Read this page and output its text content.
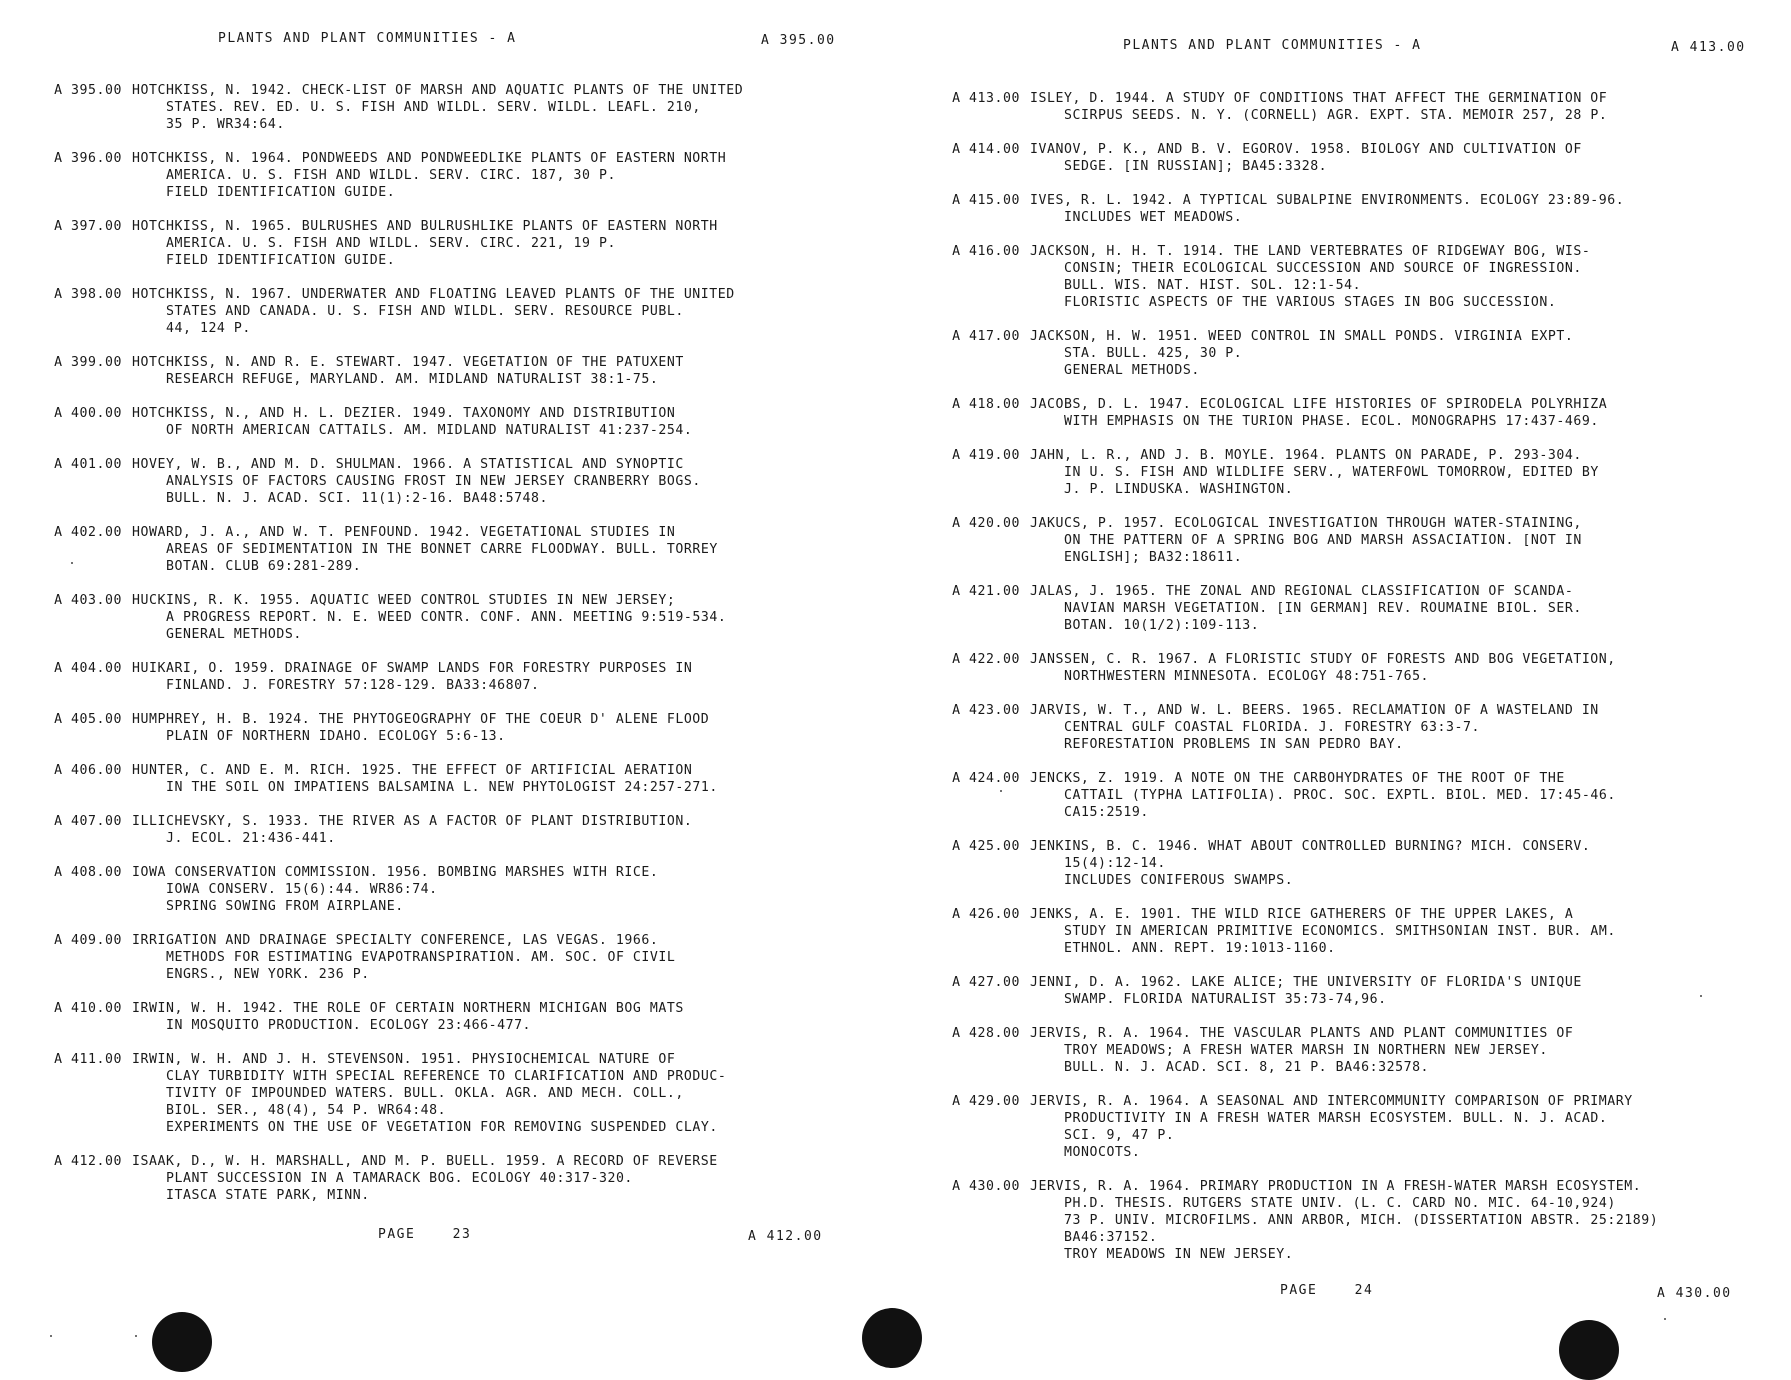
PLANTS AND PLANT COMMUNITIES - A	A 395.00
A 395.00 HOTCHKISS, N. 1942. CHECK-LIST OF MARSH AND AQUATIC PLANTS OF THE UNITED
STATES. REV. ED. U. S. FISH AND WILDL. SERV. WILDL. LEAFL. 210,
35 P. WR34:64.
A 396.00 HOTCHKISS, N. 1964. PONDWEEDS AND PONDWEEDLIKE PLANTS OF EASTERN NORTH
AMERICA. U. S. FISH AND WILDL. SERV. CIRC. 187, 30 P.
FIELD IDENTIFICATION GUIDE.
A 397.00 HOTCHKISS, N. 1965. BULRUSHES AND BULRUSHLIKE PLANTS OF EASTERN NORTH
AMERICA. U. S. FISH AND WILDL. SERV. CIRC. 221, 19 P.
FIELD IDENTIFICATION GUIDE.
A 398.00 HOTCHKISS, N. 1967. UNDERWATER AND FLOATING LEAVED PLANTS OF THE UNITED
STATES AND CANADA. U. S. FISH AND WILDL. SERV. RESOURCE PUBL.
44, 124 P.
A 399.00 HOTCHKISS, N. AND R. E. STEWART. 1947. VEGETATION OF THE PATUXENT
RESEARCH REFUGE, MARYLAND. AM. MIDLAND NATURALIST 38:1-75.
A 400.00 HOTCHKISS, N., AND H. L. DEZIER. 1949. TAXONOMY AND DISTRIBUTION
OF NORTH AMERICAN CATTAILS. AM. MIDLAND NATURALIST 41:237-254.
A 401.00 HOVEY, W. B., AND M. D. SHULMAN. 1966. A STATISTICAL AND SYNOPTIC
ANALYSIS OF FACTORS CAUSING FROST IN NEW JERSEY CRANBERRY BOGS.
BULL. N. J. ACAD. SCI. 11(1):2-16. BA48:5748.
A 402.00 HOWARD, J. A., AND W. T. PENFOUND. 1942. VEGETATIONAL STUDIES IN
AREAS OF SEDIMENTATION IN THE BONNET CARRE FLOODWAY. BULL. TORREY
BOTAN. CLUB 69:281-289.
A 403.00 HUCKINS, R. K. 1955. AQUATIC WEED CONTROL STUDIES IN NEW JERSEY;
A PROGRESS REPORT. N. E. WEED CONTR. CONF. ANN. MEETING 9:519-534.
GENERAL METHODS.
A 404.00 HUIKARI, O. 1959. DRAINAGE OF SWAMP LANDS FOR FORESTRY PURPOSES IN
FINLAND. J. FORESTRY 57:128-129. BA33:46807.
A 405.00 HUMPHREY, H. B. 1924. THE PHYTOGEOGRAPHY OF THE COEUR D' ALENE FLOOD
PLAIN OF NORTHERN IDAHO. ECOLOGY 5:6-13.
A 406.00 HUNTER, C. AND E. M. RICH. 1925. THE EFFECT OF ARTIFICIAL AERATION
IN THE SOIL ON IMPATIENS BALSAMINA L. NEW PHYTOLOGIST 24:257-271.
A 407.00 ILLICHEVSKY, S. 1933. THE RIVER AS A FACTOR OF PLANT DISTRIBUTION.
J. ECOL. 21:436-441.
A 408.00 IOWA CONSERVATION COMMISSION. 1956. BOMBING MARSHES WITH RICE.
IOWA CONSERV. 15(6):44. WR86:74.
SPRING SOWING FROM AIRPLANE.
A 409.00 IRRIGATION AND DRAINAGE SPECIALTY CONFERENCE, LAS VEGAS. 1966.
METHODS FOR ESTIMATING EVAPOTRANSPIRATION. AM. SOC. OF CIVIL
ENGRS., NEW YORK. 236 P.
A 410.00 IRWIN, W. H. 1942. THE ROLE OF CERTAIN NORTHERN MICHIGAN BOG MATS
IN MOSQUITO PRODUCTION. ECOLOGY 23:466-477.
A 411.00 IRWIN, W. H. AND J. H. STEVENSON. 1951. PHYSIOCHEMICAL NATURE OF
CLAY TURBIDITY WITH SPECIAL REFERENCE TO CLARIFICATION AND PRODUC-
TIVITY OF IMPOUNDED WATERS. BULL. OKLA. AGR. AND MECH. COLL.,
BIOL. SER., 48(4), 54 P. WR64:48.
EXPERIMENTS ON THE USE OF VEGETATION FOR REMOVING SUSPENDED CLAY.
A 412.00 ISAAK, D., W. H. MARSHALL, AND M. P. BUELL. 1959. A RECORD OF REVERSE
PLANT SUCCESSION IN A TAMARACK BOG. ECOLOGY 40:317-320.
ITASCA STATE PARK, MINN.
PAGE    23	A 412.00
PLANTS AND PLANT COMMUNITIES - A	A 413.00
A 413.00 ISLEY, D. 1944. A STUDY OF CONDITIONS THAT AFFECT THE GERMINATION OF
SCIRPUS SEEDS. N. Y. (CORNELL) AGR. EXPT. STA. MEMOIR 257, 28 P.
A 414.00 IVANOV, P. K., AND B. V. EGOROV. 1958. BIOLOGY AND CULTIVATION OF
SEDGE. [IN RUSSIAN]; BA45:3328.
A 415.00 IVES, R. L. 1942. A TYPTICAL SUBALPINE ENVIRONMENTS. ECOLOGY 23:89-96.
INCLUDES WET MEADOWS.
A 416.00 JACKSON, H. H. T. 1914. THE LAND VERTEBRATES OF RIDGEWAY BOG, WIS-
CONSIN; THEIR ECOLOGICAL SUCCESSION AND SOURCE OF INGRESSION.
BULL. WIS. NAT. HIST. SOL. 12:1-54.
FLORISTIC ASPECTS OF THE VARIOUS STAGES IN BOG SUCCESSION.
A 417.00 JACKSON, H. W. 1951. WEED CONTROL IN SMALL PONDS. VIRGINIA EXPT.
STA. BULL. 425, 30 P.
GENERAL METHODS.
A 418.00 JACOBS, D. L. 1947. ECOLOGICAL LIFE HISTORIES OF SPIRODELA POLYRHIZA
WITH EMPHASIS ON THE TURION PHASE. ECOL. MONOGRAPHS 17:437-469.
A 419.00 JAHN, L. R., AND J. B. MOYLE. 1964. PLANTS ON PARADE, P. 293-304.
IN U. S. FISH AND WILDLIFE SERV., WATERFOWL TOMORROW, EDITED BY
J. P. LINDUSKA. WASHINGTON.
A 420.00 JAKUCS, P. 1957. ECOLOGICAL INVESTIGATION THROUGH WATER-STAINING,
ON THE PATTERN OF A SPRING BOG AND MARSH ASSACIATION. [NOT IN
ENGLISH]; BA32:18611.
A 421.00 JALAS, J. 1965. THE ZONAL AND REGIONAL CLASSIFICATION OF SCANDA-
NAVIAN MARSH VEGETATION. [IN GERMAN] REV. ROUMAINE BIOL. SER.
BOTAN. 10(1/2):109-113.
A 422.00 JANSSEN, C. R. 1967. A FLORISTIC STUDY OF FORESTS AND BOG VEGETATION,
NORTHWESTERN MINNESOTA. ECOLOGY 48:751-765.
A 423.00 JARVIS, W. T., AND W. L. BEERS. 1965. RECLAMATION OF A WASTELAND IN
CENTRAL GULF COASTAL FLORIDA. J. FORESTRY 63:3-7.
REFORESTATION PROBLEMS IN SAN PEDRO BAY.
A 424.00 JENCKS, Z. 1919. A NOTE ON THE CARBOHYDRATES OF THE ROOT OF THE
CATTAIL (TYPHA LATIFOLIA). PROC. SOC. EXPTL. BIOL. MED. 17:45-46.
CA15:2519.
A 425.00 JENKINS, B. C. 1946. WHAT ABOUT CONTROLLED BURNING? MICH. CONSERV.
15(4):12-14.
INCLUDES CONIFEROUS SWAMPS.
A 426.00 JENKS, A. E. 1901. THE WILD RICE GATHERERS OF THE UPPER LAKES, A
STUDY IN AMERICAN PRIMITIVE ECONOMICS. SMITHSONIAN INST. BUR. AM.
ETHNOL. ANN. REPT. 19:1013-1160.
A 427.00 JENNI, D. A. 1962. LAKE ALICE; THE UNIVERSITY OF FLORIDA'S UNIQUE
SWAMP. FLORIDA NATURALIST 35:73-74,96.
A 428.00 JERVIS, R. A. 1964. THE VASCULAR PLANTS AND PLANT COMMUNITIES OF
TROY MEADOWS; A FRESH WATER MARSH IN NORTHERN NEW JERSEY.
BULL. N. J. ACAD. SCI. 8, 21 P. BA46:32578.
A 429.00 JERVIS, R. A. 1964. A SEASONAL AND INTERCOMMUNITY COMPARISON OF PRIMARY
PRODUCTIVITY IN A FRESH WATER MARSH ECOSYSTEM. BULL. N. J. ACAD.
SCI. 9, 47 P.
MONOCOTS.
A 430.00 JERVIS, R. A. 1964. PRIMARY PRODUCTION IN A FRESH-WATER MARSH ECOSYSTEM.
PH.D. THESIS. RUTGERS STATE UNIV. (L. C. CARD NO. MIC. 64-10,924)
73 P. UNIV. MICROFILMS. ANN ARBOR, MICH. (DISSERTATION ABSTR. 25:2189)
BA46:37152.
TROY MEADOWS IN NEW JERSEY.
PAGE    24	A 430.00
